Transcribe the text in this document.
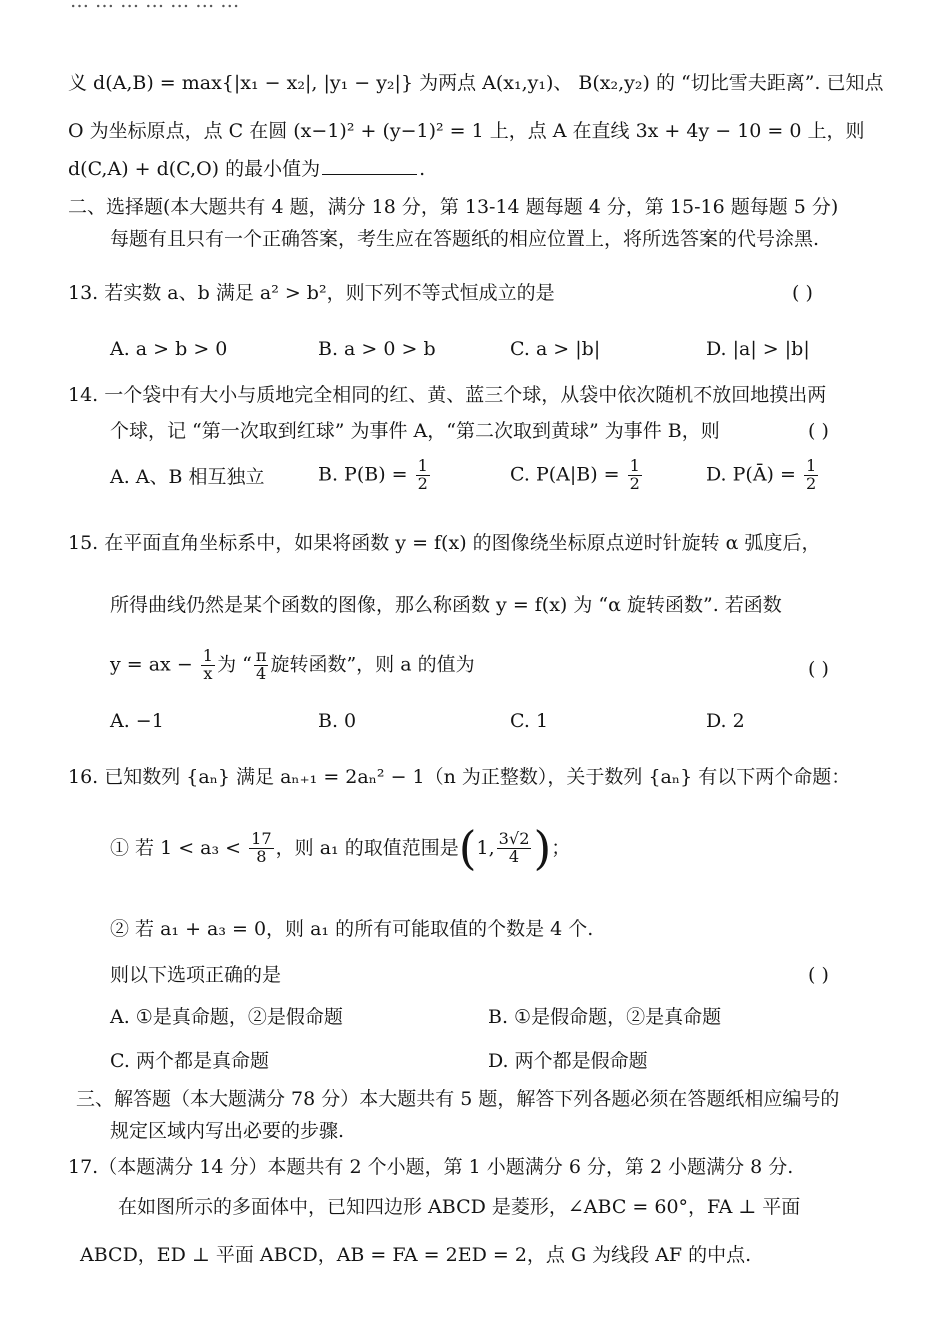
… … … … … … …
义 d(A,B) = max{|x₁ − x₂|, |y₁ − y₂|} 为两点 A(x₁,y₁)、 B(x₂,y₂) 的 “切比雪夫距离”. 已知点
O 为坐标原点，点 C 在圆 (x−1)² + (y−1)² = 1 上，点 A 在直线 3x + 4y − 10 = 0 上，则
d(C,A) + d(C,O) 的最小值为	.
二、选择题(本大题共有 4 题，满分 18 分，第 13-14 题每题 4 分，第 15-16 题每题 5 分)
每题有且只有一个正确答案，考生应在答题纸的相应位置上，将所选答案的代号涂黑.
13. 若实数 a、b 满足 a² > b²，则下列不等式恒成立的是	( )
A. a > b > 0	B. a > 0 > b	C. a > |b|	D. |a| > |b|
14. 一个袋中有大小与质地完全相同的红、黄、蓝三个球，从袋中依次随机不放回地摸出两
个球，记 “第一次取到红球” 为事件 A，“第二次取到黄球” 为事件 B，则	( )
A. A、B 相互独立	B. $P(B) = \frac{1}{2}$	C. $P(A|B) = \frac{1}{2}$	D. P(Ā) = $\frac{1}{2}$
15. 在平面直角坐标系中，如果将函数 y = f(x) 的图像绕坐标原点逆时针旋转 α 弧度后，
所得曲线仍然是某个函数的图像，那么称函数 y = f(x) 为 “α 旋转函数”. 若函数
y = ax − $\frac{1}{x}$ 为 “ $\frac{\pi}{4}$ 旋转函数”，则 a 的值为	( )
A. −1	B. 0	C. 1	D. 2
16. 已知数列 {aₙ} 满足 aₙ₊₁ = 2aₙ² − 1（n 为正整数），关于数列 {aₙ} 有以下两个命题：
① 若 $1 < a_3 < \frac{17}{8}$ ，则 a₁ 的取值范围是(1, $\frac{3√2}{4}$ )；
② 若 a₁ + a₃ = 0，则 a₁ 的所有可能取值的个数是 4 个.
则以下选项正确的是	( )
A. ①是真命题，②是假命题	B. ①是假命题，②是真命题
C. 两个都是真命题	D. 两个都是假命题
三、解答题（本大题满分 78 分）本大题共有 5 题，解答下列各题必须在答题纸相应编号的
规定区域内写出必要的步骤.
17.（本题满分 14 分）本题共有 2 个小题，第 1 小题满分 6 分，第 2 小题满分 8 分.
在如图所示的多面体中，已知四边形 ABCD 是菱形，∠ABC = 60°，FA ⊥ 平面
ABCD，ED ⊥ 平面 ABCD，AB = FA = 2ED = 2，点 G 为线段 AF 的中点.
